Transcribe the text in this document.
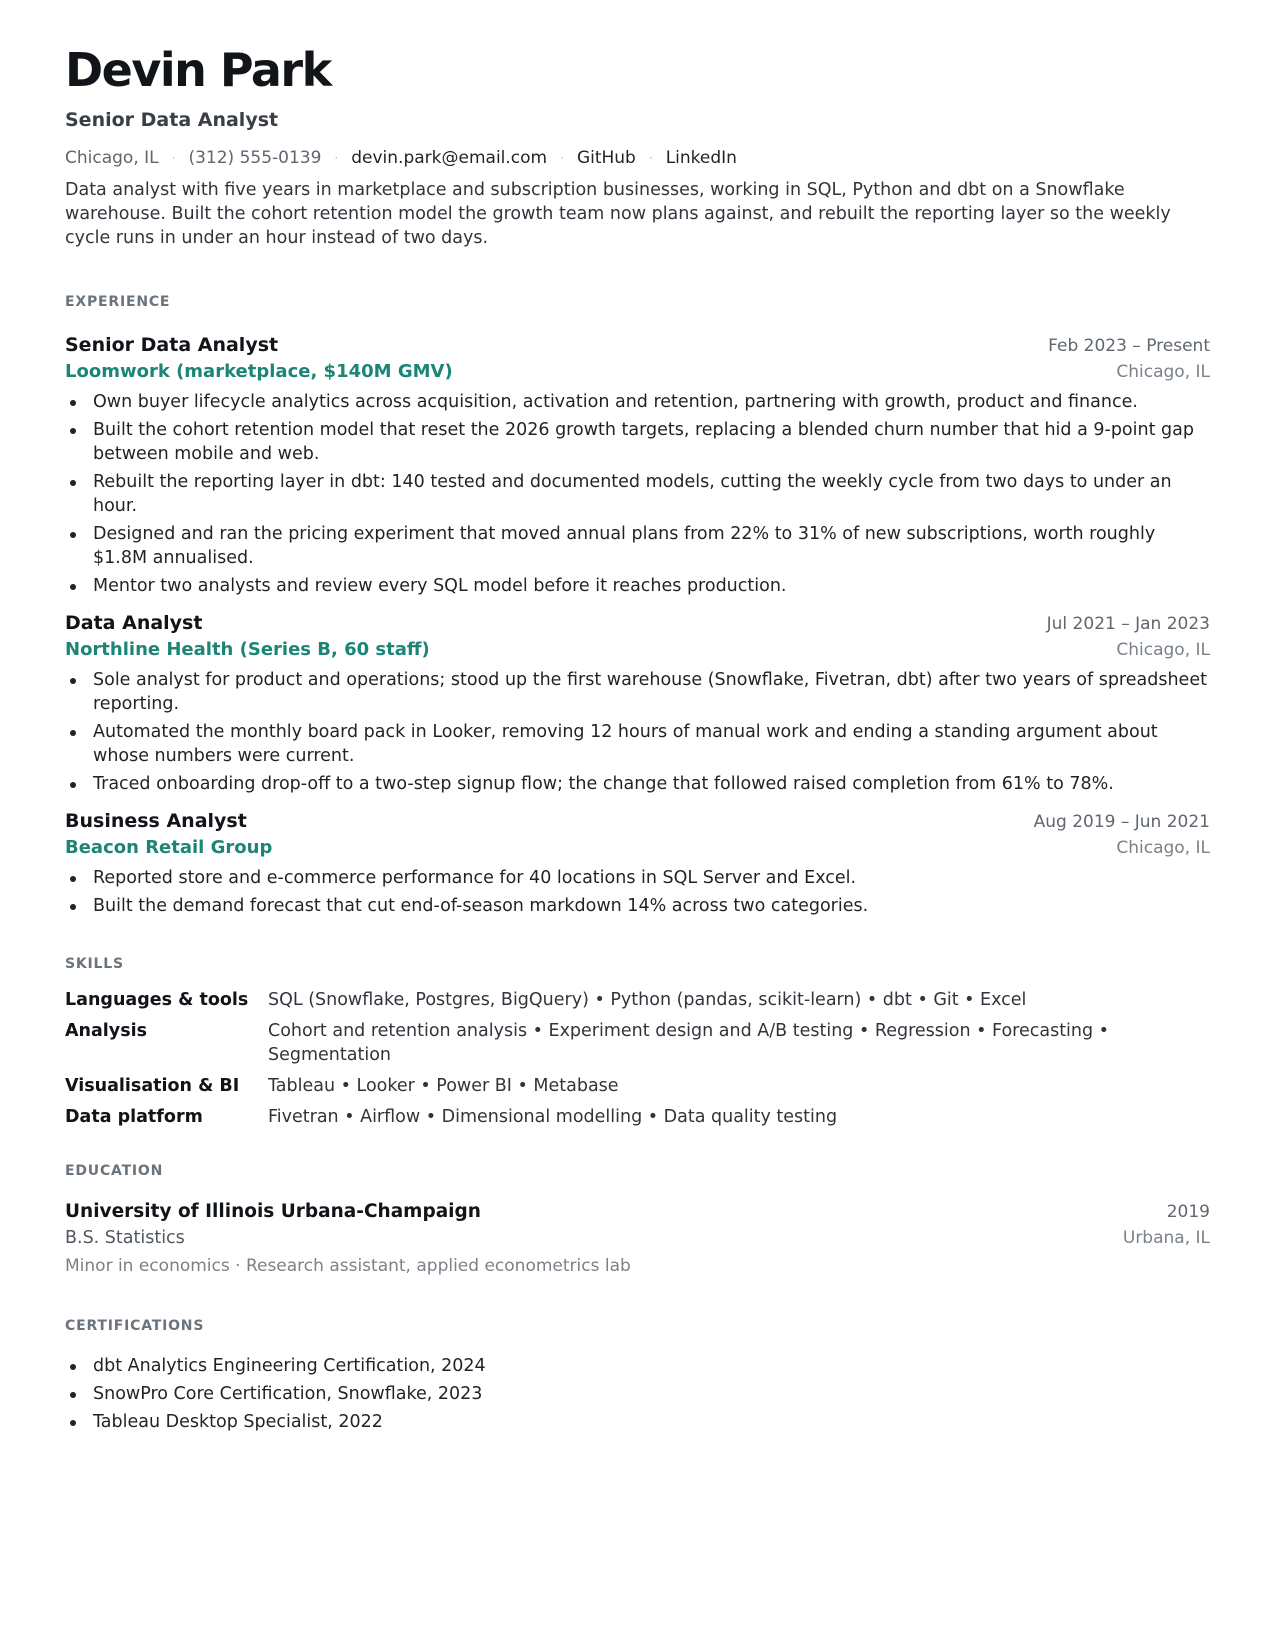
Devin Park
Senior Data Analyst
Chicago, IL	· (312) 555-0139	· devin.park@email.com	· GitHub	· LinkedIn

Data analyst with five years in marketplace and subscription businesses, working in SQL, Python and dbt on a Snowflake warehouse. Built the cohort retention model the growth team now plans against, and rebuilt the reporting layer so the weekly cycle runs in under an hour instead of two days.

EXPERIENCE
Senior Data Analyst	Feb 2023 – Present
Loomwork (marketplace, $140M GMV)	Chicago, IL
Own buyer lifecycle analytics across acquisition, activation and retention, partnering with growth, product and finance.
Built the cohort retention model that reset the 2026 growth targets, replacing a blended churn number that hid a 9-point gap between mobile and web.
Rebuilt the reporting layer in dbt: 140 tested and documented models, cutting the weekly cycle from two days to under an hour.
Designed and ran the pricing experiment that moved annual plans from 22% to 31% of new subscriptions, worth roughly $1.8M annualised.
Mentor two analysts and review every SQL model before it reaches production.
Data Analyst	Jul 2021 – Jan 2023
Northline Health (Series B, 60 staff)	Chicago, IL
Sole analyst for product and operations; stood up the first warehouse (Snowflake, Fivetran, dbt) after two years of spreadsheet reporting.
Automated the monthly board pack in Looker, removing 12 hours of manual work and ending a standing argument about whose numbers were current.
Traced onboarding drop-off to a two-step signup flow; the change that followed raised completion from 61% to 78%.
Business Analyst	Aug 2019 – Jun 2021
Beacon Retail Group	Chicago, IL
Reported store and e-commerce performance for 40 locations in SQL Server and Excel.
Built the demand forecast that cut end-of-season markdown 14% across two categories.
SKILLS
Languages & tools	SQL (Snowflake, Postgres, BigQuery) • Python (pandas, scikit-learn) • dbt • Git • Excel
Analysis	Cohort and retention analysis • Experiment design and A/B testing • Regression • Forecasting • Segmentation
Visualisation & BI	Tableau • Looker • Power BI • Metabase
Data platform	Fivetran • Airflow • Dimensional modelling • Data quality testing
EDUCATION
University of Illinois Urbana-Champaign	2019
B.S. Statistics	Urbana, IL
Minor in economics · Research assistant, applied econometrics lab
CERTIFICATIONS
dbt Analytics Engineering Certification, 2024
SnowPro Core Certification, Snowflake, 2023
Tableau Desktop Specialist, 2022
